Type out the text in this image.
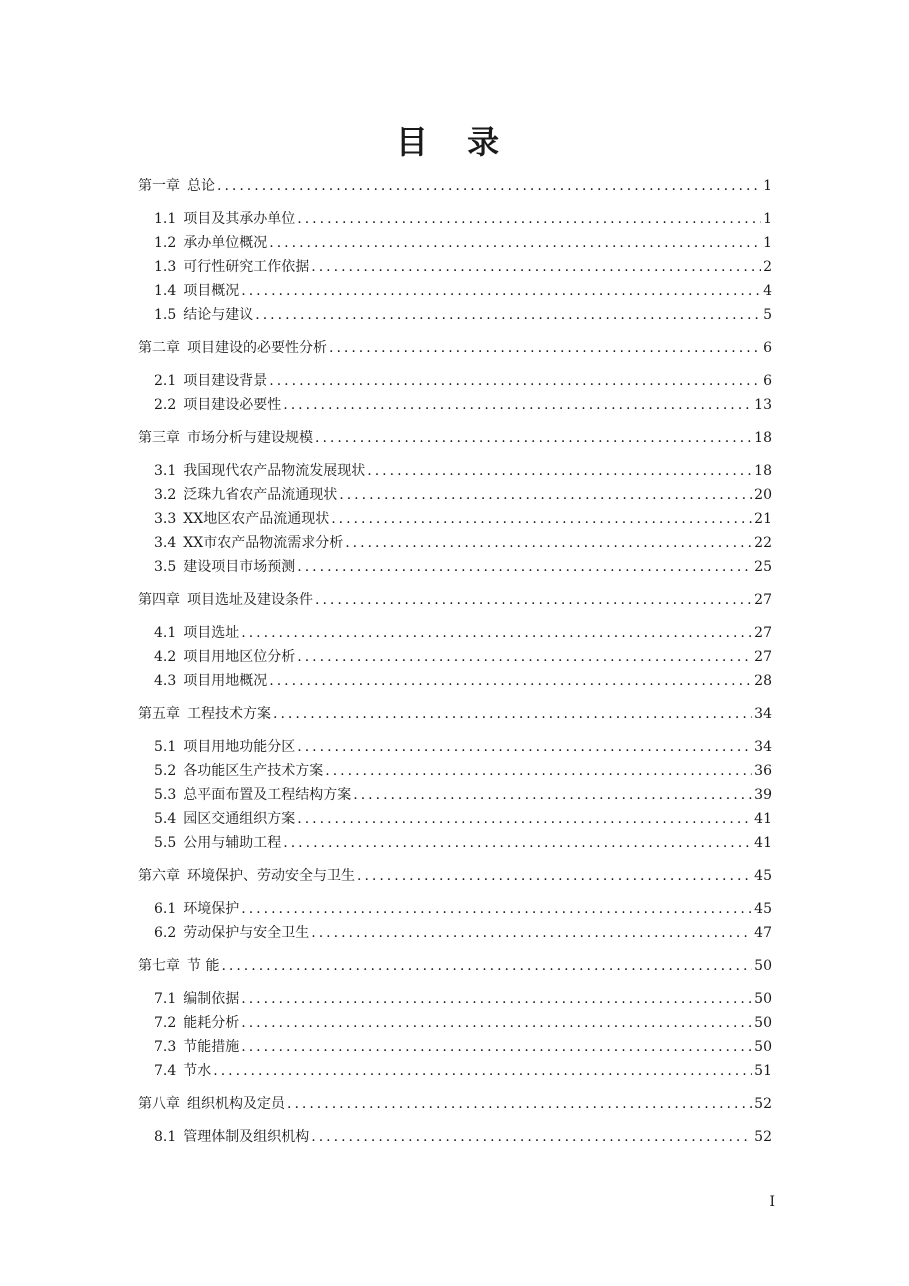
目 录
第一章 总论 .....	1
1.1 项目及其承办单位 .....	1
1.2 承办单位概况 .....	1
1.3 可行性研究工作依据 .....	2
1.4 项目概况 .....	4
1.5 结论与建议 .....	5
第二章 项目建设的必要性分析 .....	6
2.1 项目建设背景 .....	6
2.2 项目建设必要性 .....	13
第三章 市场分析与建设规模 .....	18
3.1 我国现代农产品物流发展现状 .....	18
3.2 泛珠九省农产品流通现状 .....	20
3.3 XX地区农产品流通现状 .....	21
3.4 XX市农产品物流需求分析 .....	22
3.5 建设项目市场预测 .....	25
第四章 项目选址及建设条件 .....	27
4.1 项目选址 .....	27
4.2 项目用地区位分析 .....	27
4.3 项目用地概况 .....	28
第五章 工程技术方案 .....	34
5.1 项目用地功能分区 .....	34
5.2 各功能区生产技术方案 .....	36
5.3 总平面布置及工程结构方案 .....	39
5.4 园区交通组织方案 .....	41
5.5 公用与辅助工程 .....	41
第六章 环境保护、劳动安全与卫生 .....	45
6.1 环境保护 .....	45
6.2 劳动保护与安全卫生 .....	47
第七章 节 能 .....	50
7.1 编制依据 .....	50
7.2 能耗分析 .....	50
7.3 节能措施 .....	50
7.4 节水 .....	51
第八章 组织机构及定员 .....	52
8.1 管理体制及组织机构 .....	52
I
